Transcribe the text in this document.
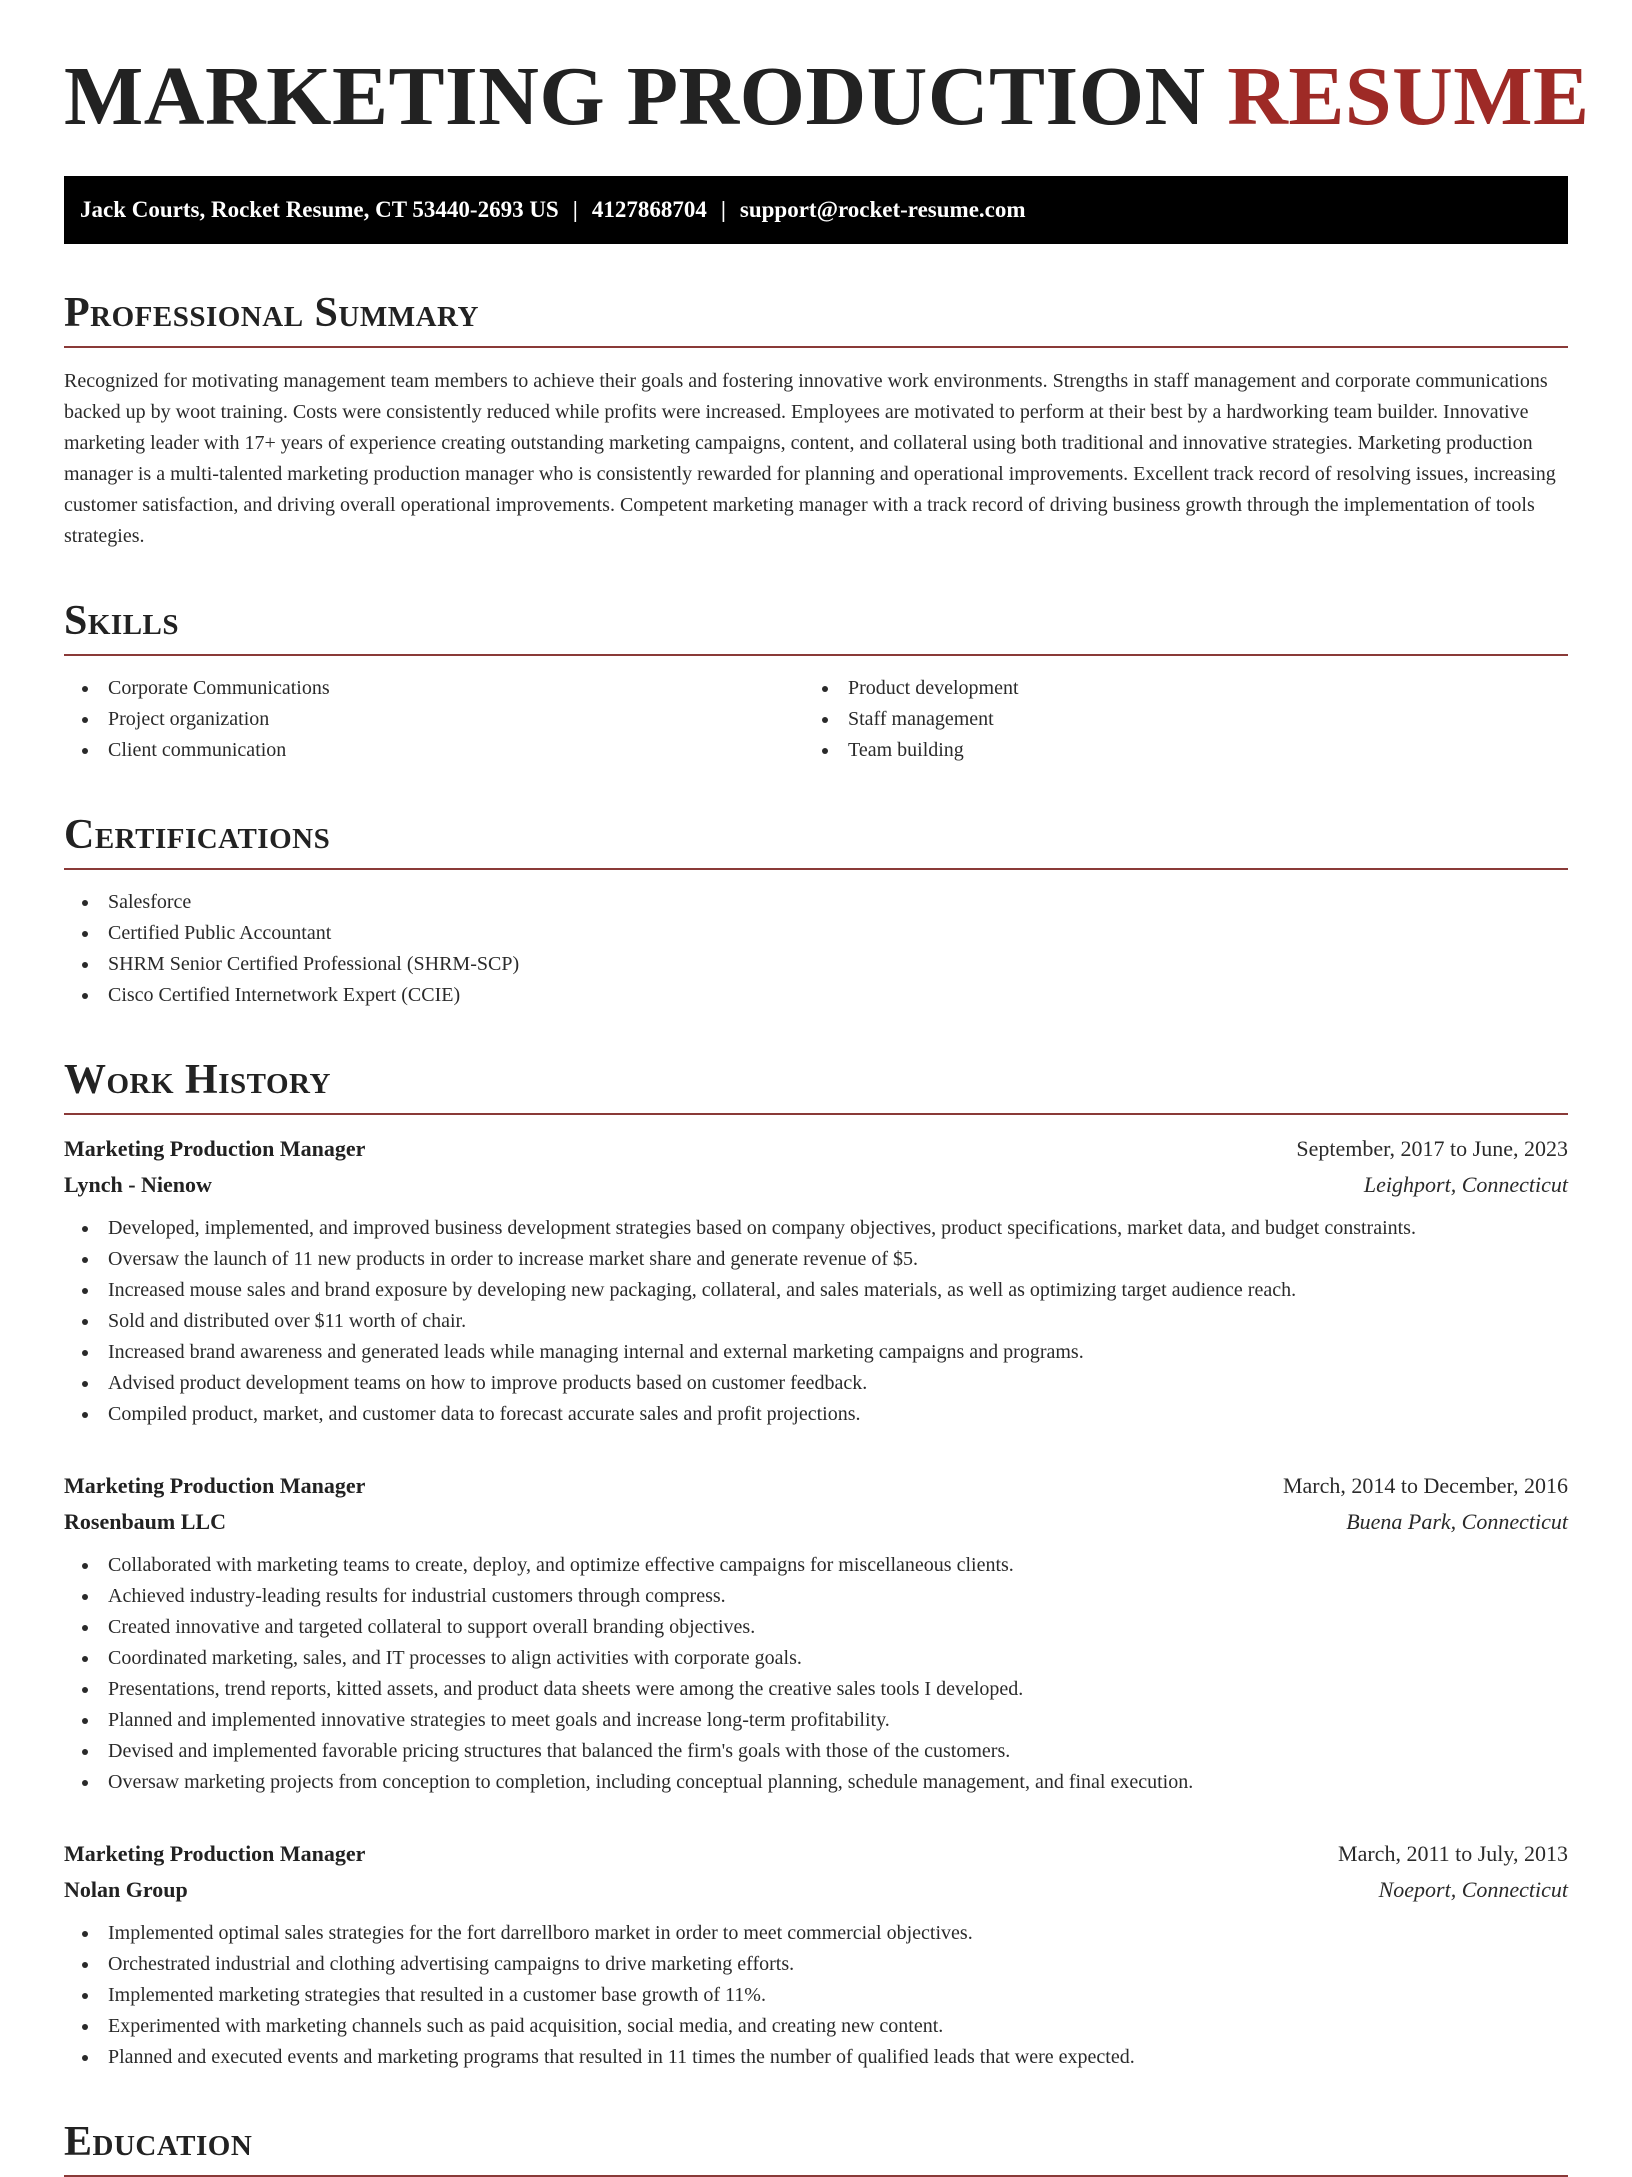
MARKETING PRODUCTION RESUME
Jack Courts, Rocket Resume, CT 53440-2693 US | 4127868704 | support@rocket-resume.com
Professional Summary

Recognized for motivating management team members to achieve their goals and fostering innovative work environments. Strengths in staff management and corporate communications backed up by woot training. Costs were consistently reduced while profits were increased. Employees are motivated to perform at their best by a hardworking team builder. Innovative marketing leader with 17+ years of experience creating outstanding marketing campaigns, content, and collateral using both traditional and innovative strategies. Marketing production manager is a multi-talented marketing production manager who is consistently rewarded for planning and operational improvements. Excellent track record of resolving issues, increasing customer satisfaction, and driving overall operational improvements. Competent marketing manager with a track record of driving business growth through the implementation of tools strategies.

Skills
Corporate Communications
Project organization
Client communication
Product development
Staff management
Team building
Certifications
Salesforce
Certified Public Accountant
SHRM Senior Certified Professional (SHRM-SCP)
Cisco Certified Internetwork Expert (CCIE)
Work History
Marketing Production Manager	September, 2017 to June, 2023
Lynch - Nienow	Leighport, Connecticut
Developed, implemented, and improved business development strategies based on company objectives, product specifications, market data, and budget constraints.
Oversaw the launch of 11 new products in order to increase market share and generate revenue of $5.
Increased mouse sales and brand exposure by developing new packaging, collateral, and sales materials, as well as optimizing target audience reach.
Sold and distributed over $11 worth of chair.
Increased brand awareness and generated leads while managing internal and external marketing campaigns and programs.
Advised product development teams on how to improve products based on customer feedback.
Compiled product, market, and customer data to forecast accurate sales and profit projections.
Marketing Production Manager	March, 2014 to December, 2016
Rosenbaum LLC	Buena Park, Connecticut
Collaborated with marketing teams to create, deploy, and optimize effective campaigns for miscellaneous clients.
Achieved industry-leading results for industrial customers through compress.
Created innovative and targeted collateral to support overall branding objectives.
Coordinated marketing, sales, and IT processes to align activities with corporate goals.
Presentations, trend reports, kitted assets, and product data sheets were among the creative sales tools I developed.
Planned and implemented innovative strategies to meet goals and increase long-term profitability.
Devised and implemented favorable pricing structures that balanced the firm's goals with those of the customers.
Oversaw marketing projects from conception to completion, including conceptual planning, schedule management, and final execution.
Marketing Production Manager	March, 2011 to July, 2013
Nolan Group	Noeport, Connecticut
Implemented optimal sales strategies for the fort darrellboro market in order to meet commercial objectives.
Orchestrated industrial and clothing advertising campaigns to drive marketing efforts.
Implemented marketing strategies that resulted in a customer base growth of 11%.
Experimented with marketing channels such as paid acquisition, social media, and creating new content.
Planned and executed events and marketing programs that resulted in 11 times the number of qualified leads that were expected.
Education
